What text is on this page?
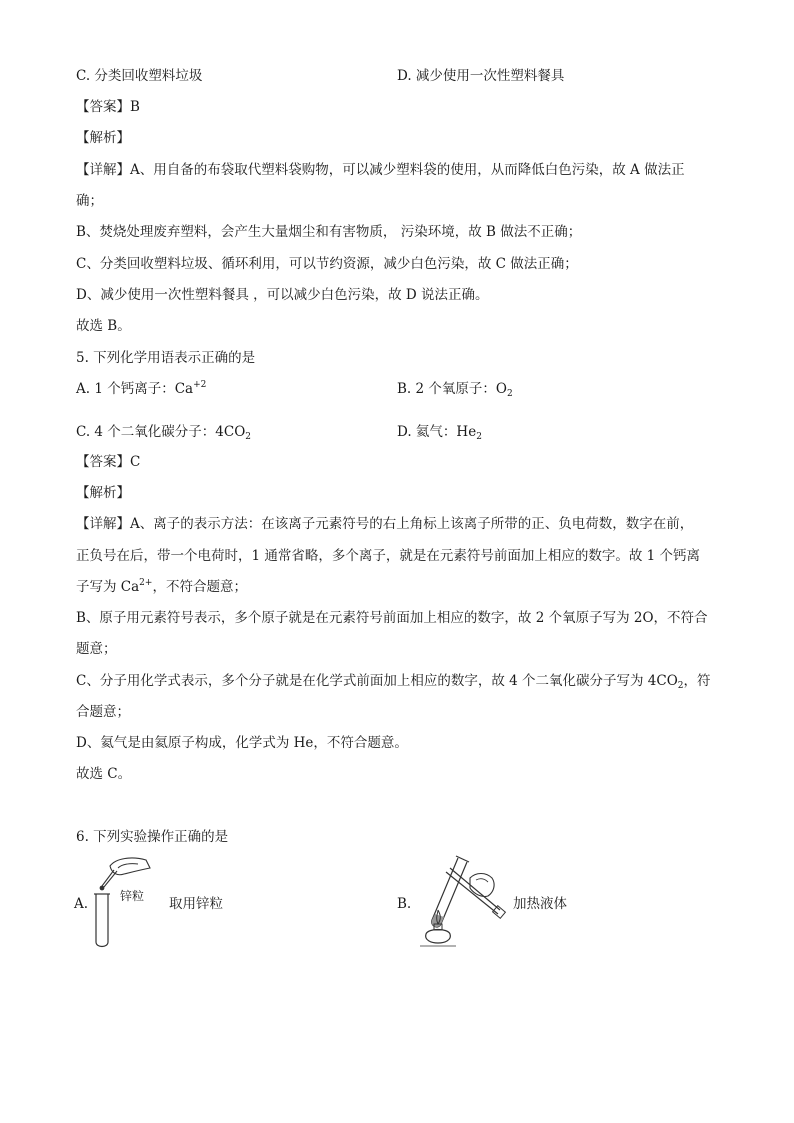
C. 分类回收塑料垃圾	D. 减少使用一次性塑料餐具
【答案】B
【解析】
【详解】A、用自备的布袋取代塑料袋购物，可以减少塑料袋的使用，从而降低白色污染，故 A 做法正
确；
B、焚烧处理废弃塑料，会产生大量烟尘和有害物质， 污染环境，故 B 做法不正确；
C、分类回收塑料垃圾、循环利用，可以节约资源，减少白色污染，故 C 做法正确；
D、减少使用一次性塑料餐具 ，可以减少白色污染，故 D 说法正确。
故选 B。
5. 下列化学用语表示正确的是
A. 1 个钙离子：$Ca^{+2}$	B. 2 个氧原子：$O_2$
C. 4 个二氧化碳分子：$4CO_2$	D. 氦气：$He_2$
【答案】C
【解析】
【详解】A、离子的表示方法：在该离子元素符号的右上角标上该离子所带的正、负电荷数，数字在前，
正负号在后，带一个电荷时，1 通常省略，多个离子，就是在元素符号前面加上相应的数字。故 1 个钙离
子写为 $Ca^{2+}$，不符合题意；
B、原子用元素符号表示，多个原子就是在元素符号前面加上相应的数字，故 2 个氧原子写为 2O，不符合
题意；
C、分子用化学式表示，多个分子就是在化学式前面加上相应的数字，故 4 个二氧化碳分子写为 $4CO_2$，符
合题意；
D、氦气是由氦原子构成，化学式为 He，不符合题意。
故选 C。
6. 下列实验操作正确的是
A.	锌粒 取用锌粒	B.	加热液体
